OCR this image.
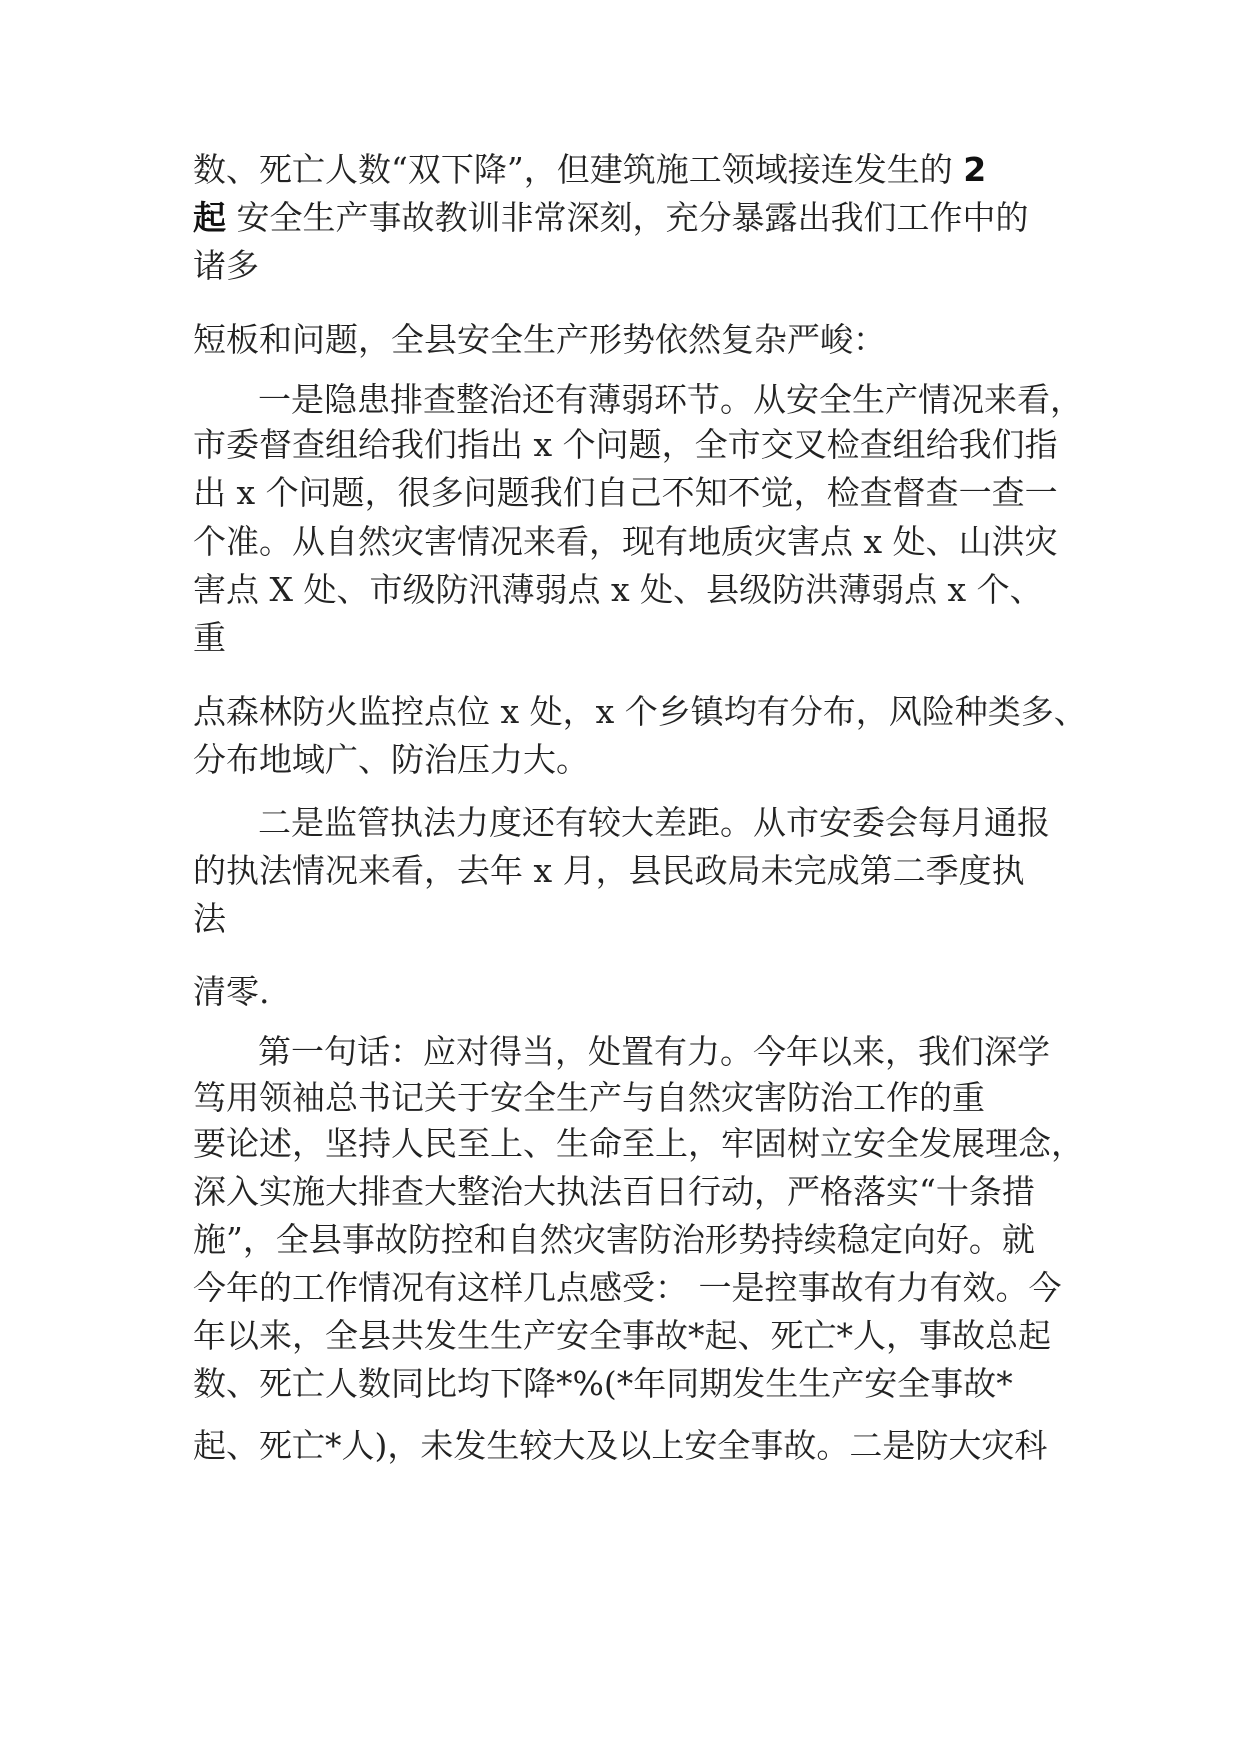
数、死亡人数“双下降”，但建筑施工领域接连发生的 2

起 安全生产事故教训非常深刻，充分暴露出我们工作中的

诸多

短板和问题，全县安全生产形势依然复杂严峻：

一是隐患排查整治还有薄弱环节。从安全生产情况来看，

市委督查组给我们指出 x 个问题，全市交叉检查组给我们指

出 x 个问题，很多问题我们自己不知不觉，检查督查一查一

个准。从自然灾害情况来看，现有地质灾害点 x 处、山洪灾

害点 X 处、市级防汛薄弱点 x 处、县级防洪薄弱点 x 个、

重

点森林防火监控点位 x 处，x 个乡镇均有分布，风险种类多、

分布地域广、防治压力大。

二是监管执法力度还有较大差距。从市安委会每月通报

的执法情况来看，去年 x 月，县民政局未完成第二季度执

法

清零.

第一句话：应对得当，处置有力。今年以来，我们深学

笃用领袖总书记关于安全生产与自然灾害防治工作的重

要论述，坚持人民至上、生命至上，牢固树立安全发展理念，

深入实施大排查大整治大执法百日行动，严格落实“十条措

施”，全县事故防控和自然灾害防治形势持续稳定向好。就

今年的工作情况有这样几点感受： 一是控事故有力有效。今

年以来，全县共发生生产安全事故*起、死亡*人，事故总起

数、死亡人数同比均下降*%(*年同期发生生产安全事故*

起、死亡*人)，未发生较大及以上安全事故。二是防大灾科
